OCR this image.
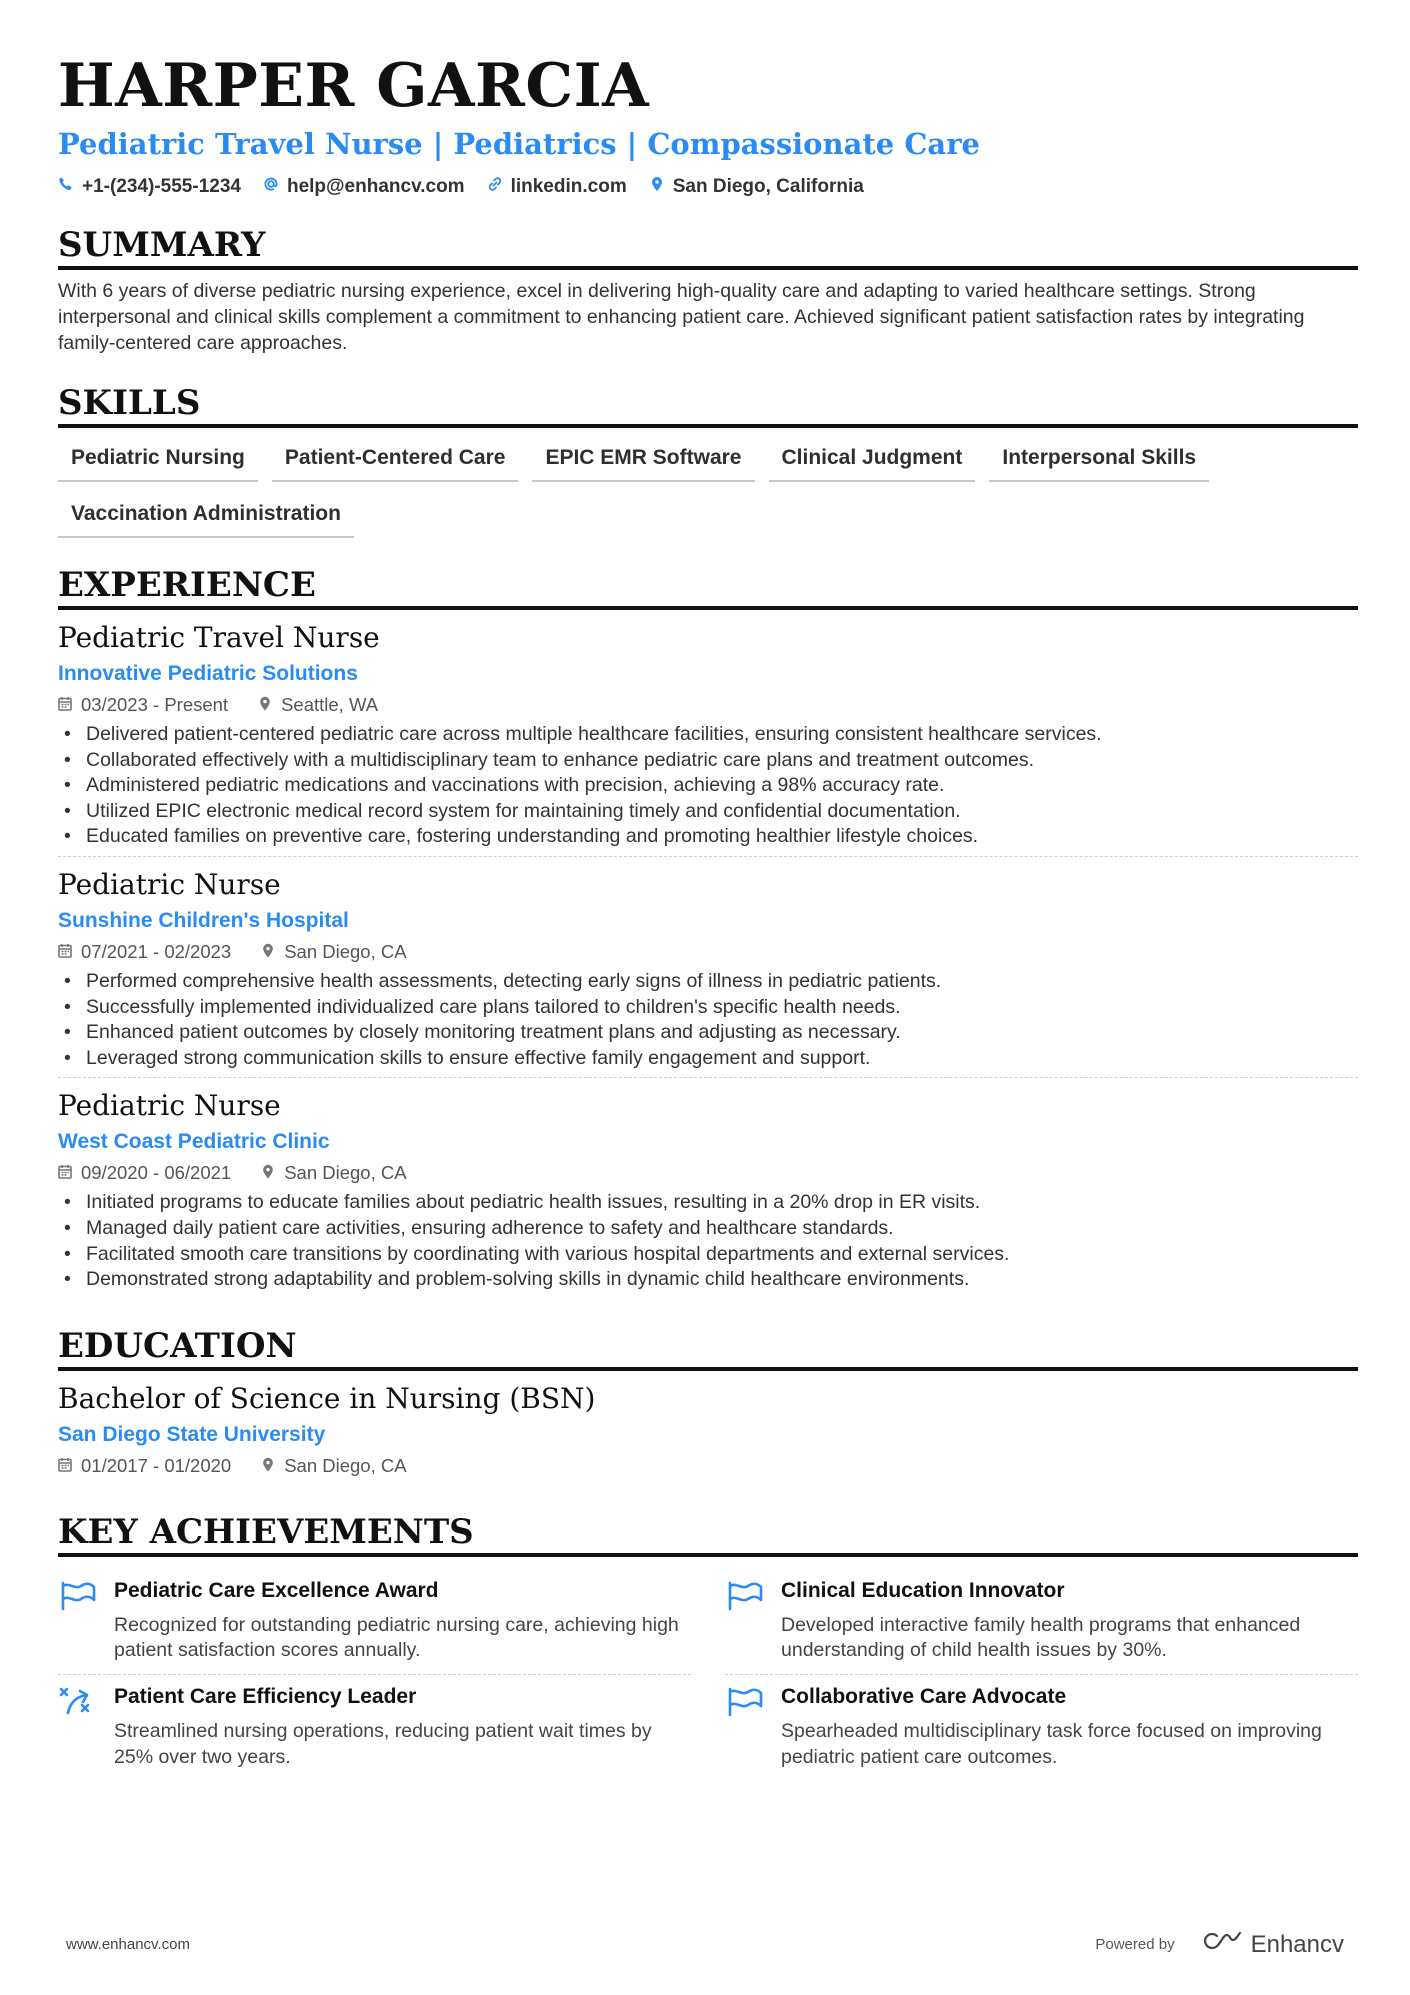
HARPER GARCIA
Pediatric Travel Nurse | Pediatrics | Compassionate Care
+1-(234)-555-1234 help@enhancv.com linkedin.com San Diego, California
SUMMARY

With 6 years of diverse pediatric nursing experience, excel in delivering high-quality care and adapting to varied healthcare settings. Strong interpersonal and clinical skills complement a commitment to enhancing patient care. Achieved significant patient satisfaction rates by integrating family-centered care approaches.

SKILLS
Pediatric Nursing	Patient-Centered Care	EPIC EMR Software	Clinical Judgment	Interpersonal Skills
Vaccination Administration
EXPERIENCE
Pediatric Travel Nurse
Innovative Pediatric Solutions
03/2023 - Present	Seattle, WA
• Delivered patient-centered pediatric care across multiple healthcare facilities, ensuring consistent healthcare services.
• Collaborated effectively with a multidisciplinary team to enhance pediatric care plans and treatment outcomes.
• Administered pediatric medications and vaccinations with precision, achieving a 98% accuracy rate.
• Utilized EPIC electronic medical record system for maintaining timely and confidential documentation.
• Educated families on preventive care, fostering understanding and promoting healthier lifestyle choices.
Pediatric Nurse
Sunshine Children's Hospital
07/2021 - 02/2023	San Diego, CA
• Performed comprehensive health assessments, detecting early signs of illness in pediatric patients.
• Successfully implemented individualized care plans tailored to children's specific health needs.
• Enhanced patient outcomes by closely monitoring treatment plans and adjusting as necessary.
• Leveraged strong communication skills to ensure effective family engagement and support.
Pediatric Nurse
West Coast Pediatric Clinic
09/2020 - 06/2021	San Diego, CA
• Initiated programs to educate families about pediatric health issues, resulting in a 20% drop in ER visits.
• Managed daily patient care activities, ensuring adherence to safety and healthcare standards.
• Facilitated smooth care transitions by coordinating with various hospital departments and external services.
• Demonstrated strong adaptability and problem-solving skills in dynamic child healthcare environments.
EDUCATION
Bachelor of Science in Nursing (BSN)
San Diego State University
01/2017 - 01/2020	San Diego, CA
KEY ACHIEVEMENTS
Pediatric Care Excellence Award
Recognized for outstanding pediatric nursing care, achieving high patient satisfaction scores annually.
Clinical Education Innovator
Developed interactive family health programs that enhanced understanding of child health issues by 30%.
Patient Care Efficiency Leader
Streamlined nursing operations, reducing patient wait times by 25% over two years.
Collaborative Care Advocate
Spearheaded multidisciplinary task force focused on improving pediatric patient care outcomes.
www.enhancv.com	Powered by	Enhancv
